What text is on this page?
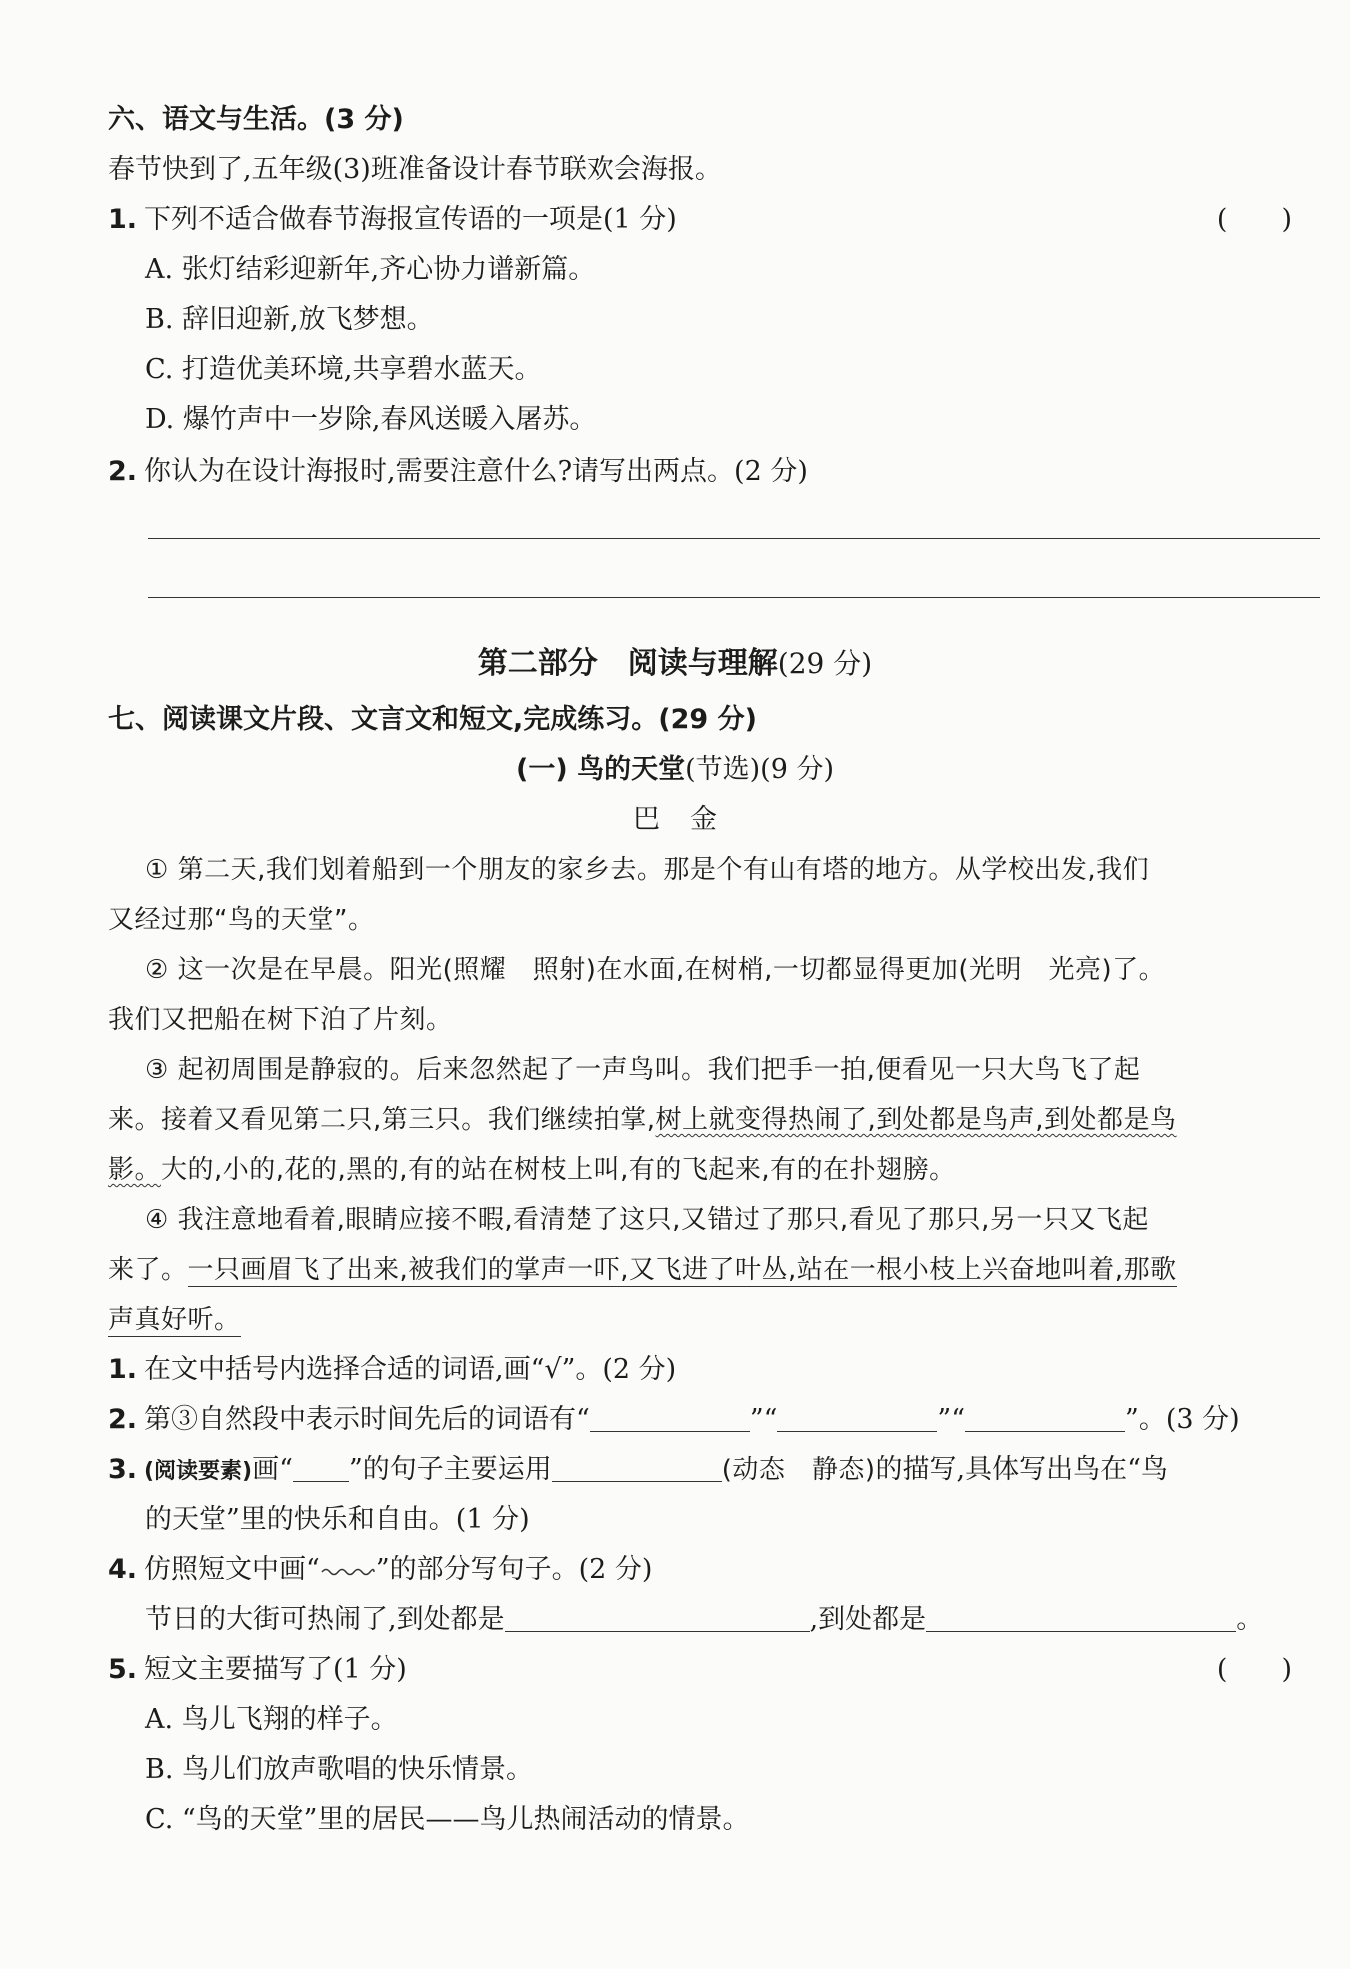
六、语文与生活。(3 分)
春节快到了,五年级(3)班准备设计春节联欢会海报。
1. 下列不适合做春节海报宣传语的一项是(1 分)	(　　)
A. 张灯结彩迎新年,齐心协力谱新篇。
B. 辞旧迎新,放飞梦想。
C. 打造优美环境,共享碧水蓝天。
D. 爆竹声中一岁除,春风送暖入屠苏。
2. 你认为在设计海报时,需要注意什么?请写出两点。(2 分)
第二部分　阅读与理解(29 分)
七、阅读课文片段、文言文和短文,完成练习。(29 分)
(一) 鸟的天堂(节选)(9 分)
巴金
① 第二天,我们划着船到一个朋友的家乡去。那是个有山有塔的地方。从学校出发,我们
又经过那“鸟的天堂”。
② 这一次是在早晨。阳光(照耀　照射)在水面,在树梢,一切都显得更加(光明　光亮)了。
我们又把船在树下泊了片刻。
③ 起初周围是静寂的。后来忽然起了一声鸟叫。我们把手一拍,便看见一只大鸟飞了起
来。接着又看见第二只,第三只。我们继续拍掌,树上就变得热闹了,到处都是鸟声,到处都是鸟
影。大的,小的,花的,黑的,有的站在树枝上叫,有的飞起来,有的在扑翅膀。
④ 我注意地看着,眼睛应接不暇,看清楚了这只,又错过了那只,看见了那只,另一只又飞起
来了。一只画眉飞了出来,被我们的掌声一吓,又飞进了叶丛,站在一根小枝上兴奋地叫着,那歌
声真好听。
1. 在文中括号内选择合适的词语,画“√”。(2 分)
2. 第③自然段中表示时间先后的词语有“	”“	”“	”。(3 分)
3. (阅读要素)画“ ”的句子主要运用	(动态　静态)的描写,具体写出鸟在“鸟
的天堂”里的快乐和自由。(1 分)
4. 仿照短文中画“ ”的部分写句子。(2 分)
节日的大街可热闹了,到处都是	,到处都是	。
5. 短文主要描写了(1 分)	(　　)
A. 鸟儿飞翔的样子。
B. 鸟儿们放声歌唱的快乐情景。
C. “鸟的天堂”里的居民——鸟儿热闹活动的情景。
